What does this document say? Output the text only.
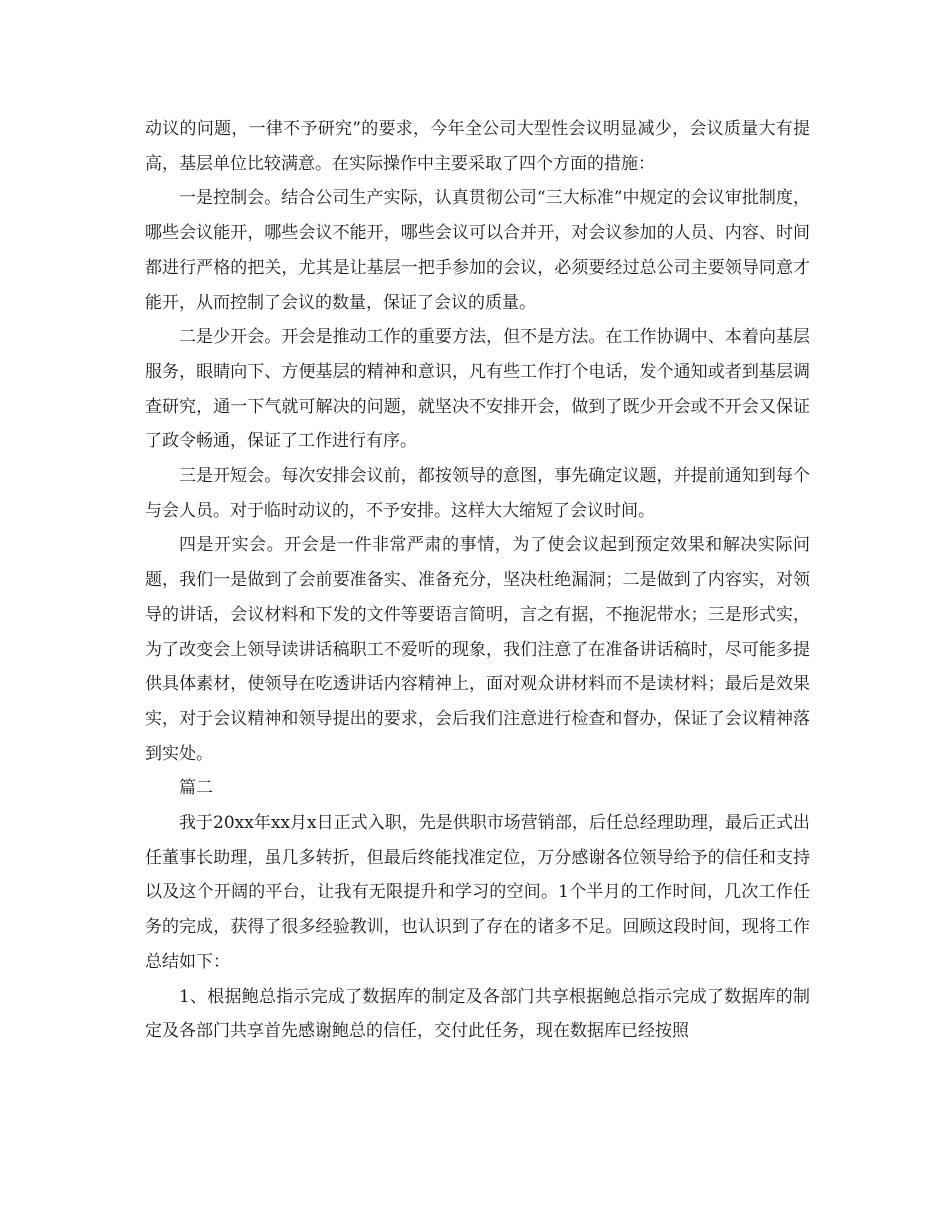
动议的问题，一律不予研究”的要求，今年全公司大型性会议明显减少，会议质量大有提高，基层单位比较满意。在实际操作中主要采取了四个方面的措施：

一是控制会。结合公司生产实际，认真贯彻公司“三大标准”中规定的会议审批制度，哪些会议能开，哪些会议不能开，哪些会议可以合并开，对会议参加的人员、内容、时间都进行严格的把关，尤其是让基层一把手参加的会议，必须要经过总公司主要领导同意才能开，从而控制了会议的数量，保证了会议的质量。

二是少开会。开会是推动工作的重要方法，但不是方法。在工作协调中、本着向基层服务，眼睛向下、方便基层的精神和意识，凡有些工作打个电话，发个通知或者到基层调查研究，通一下气就可解决的问题，就坚决不安排开会，做到了既少开会或不开会又保证了政令畅通，保证了工作进行有序。

三是开短会。每次安排会议前，都按领导的意图，事先确定议题，并提前通知到每个与会人员。对于临时动议的，不予安排。这样大大缩短了会议时间。

四是开实会。开会是一件非常严肃的事情，为了使会议起到预定效果和解决实际问题，我们一是做到了会前要准备实、准备充分，坚决杜绝漏洞；二是做到了内容实，对领导的讲话，会议材料和下发的文件等要语言简明，言之有据，不拖泥带水；三是形式实，为了改变会上领导读讲话稿职工不爱听的现象，我们注意了在准备讲话稿时，尽可能多提供具体素材，使领导在吃透讲话内容精神上，面对观众讲材料而不是读材料；最后是效果实，对于会议精神和领导提出的要求，会后我们注意进行检查和督办，保证了会议精神落到实处。

篇二

我于20xx年xx月x日正式入职，先是供职市场营销部，后任总经理助理，最后正式出任董事长助理，虽几多转折，但最后终能找准定位，万分感谢各位领导给予的信任和支持以及这个开阔的平台，让我有无限提升和学习的空间。1个半月的工作时间，几次工作任务的完成，获得了很多经验教训，也认识到了存在的诸多不足。回顾这段时间，现将工作总结如下：

1、根据鲍总指示完成了数据库的制定及各部门共享根据鲍总指示完成了数据库的制定及各部门共享首先感谢鲍总的信任，交付此任务，现在数据库已经按照
